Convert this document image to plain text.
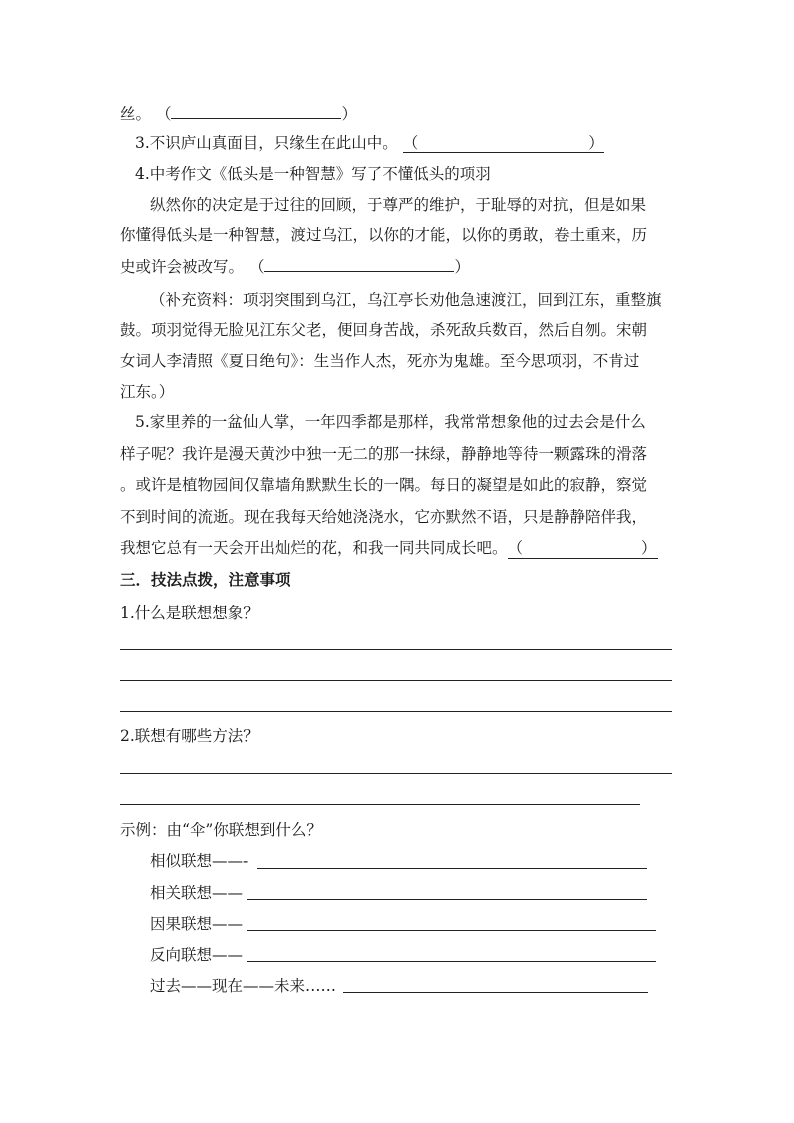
丝。 （	）
3.不识庐山真面目，只缘生在此山中。 （	）
4.中考作文《低头是一种智慧》写了不懂低头的项羽
纵然你的决定是于过往的回顾，于尊严的维护，于耻辱的对抗，但是如果
你懂得低头是一种智慧，渡过乌江，以你的才能，以你的勇敢，卷土重来，历
史或许会被改写。 （	）
（补充资料：项羽突围到乌江，乌江亭长劝他急速渡江，回到江东，重整旗
鼓。项羽觉得无脸见江东父老，便回身苦战，杀死敌兵数百，然后自刎。宋朝
女词人李清照《夏日绝句》：生当作人杰，死亦为鬼雄。至今思项羽，不肯过
江东。）
5.家里养的一盆仙人掌，一年四季都是那样，我常常想象他的过去会是什么
样子呢？我许是漫天黄沙中独一无二的那一抹绿，静静地等待一颗露珠的滑落
。或许是植物园间仅靠墙角默默生长的一隅。每日的凝望是如此的寂静，察觉
不到时间的流逝。现在我每天给她浇浇水，它亦默然不语，只是静静陪伴我，
我想它总有一天会开出灿烂的花，和我一同共同成长吧。（	）
三．技法点拨，注意事项
1.什么是联想想象？
2.联想有哪些方法？
示例：由“伞”你联想到什么？
相似联想——-
相关联想——
因果联想——
反向联想——
过去——现在——未来……
